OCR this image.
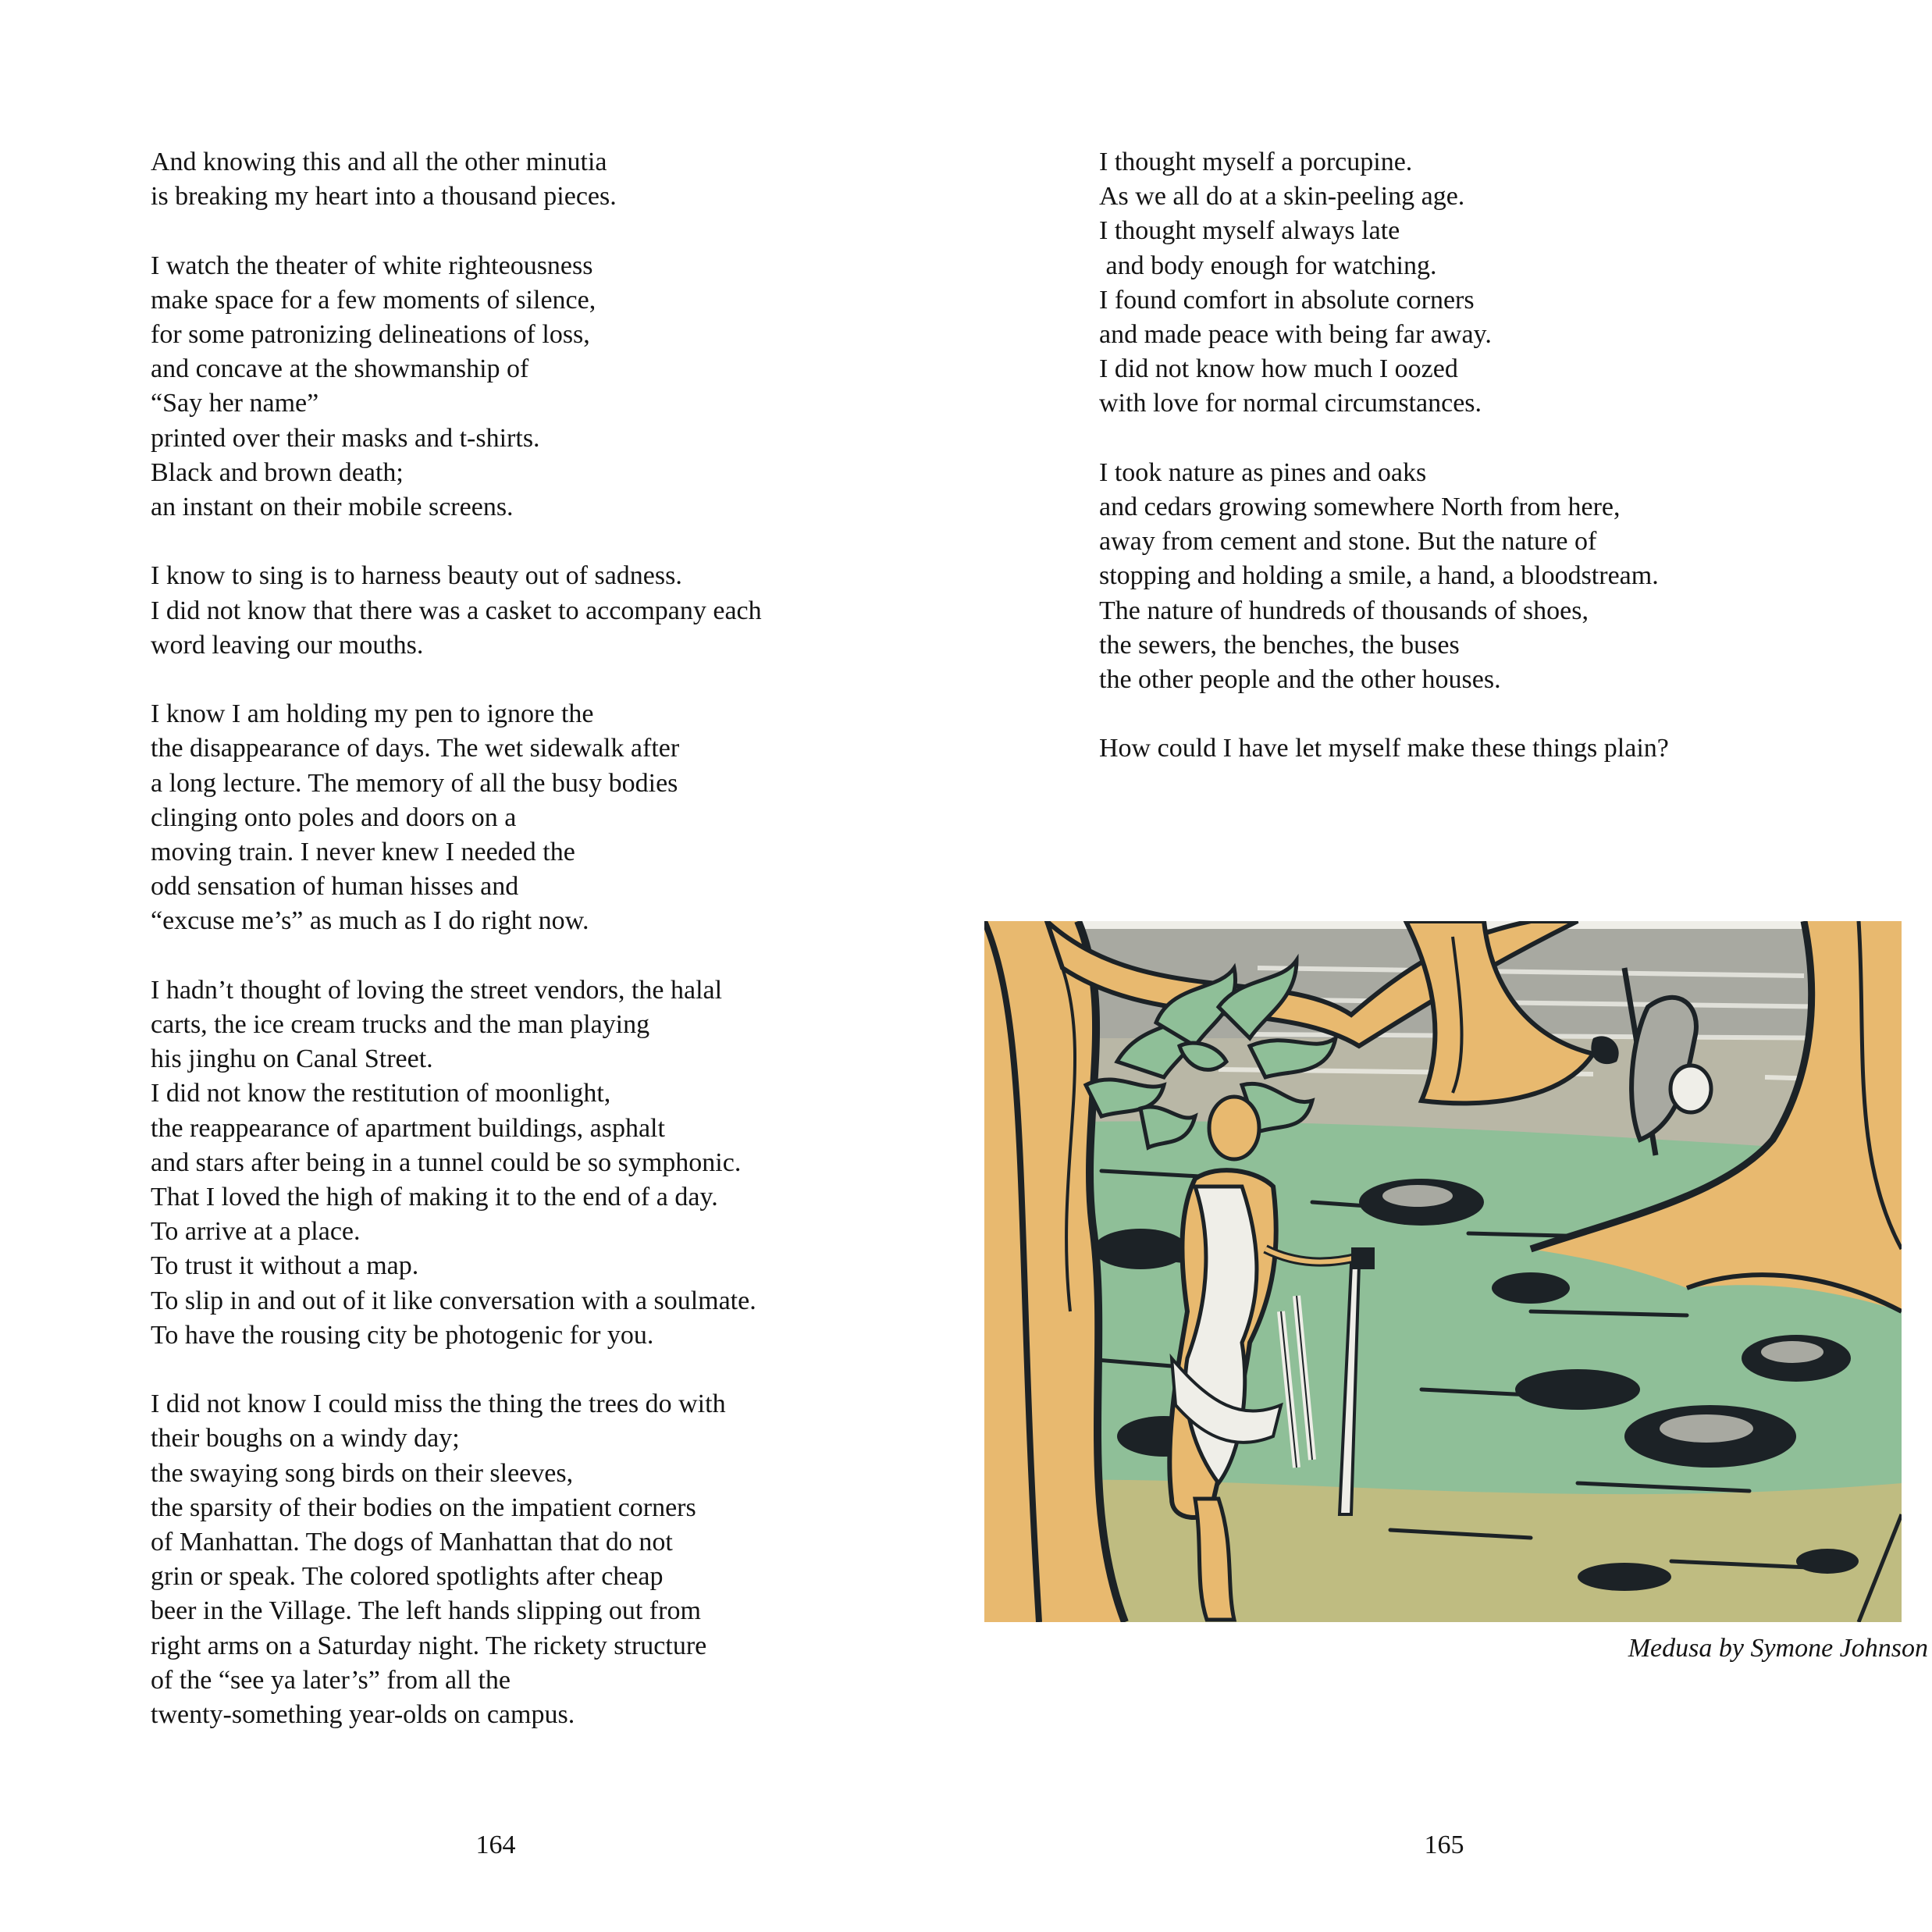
And knowing this and all the other minutia
is breaking my heart into a thousand pieces.
I watch the theater of white righteousness
make space for a few moments of silence,
for some patronizing delineations of loss,
and concave at the showmanship of
“Say her name”
printed over their masks and t-shirts.
Black and brown death;
an instant on their mobile screens.
I know to sing is to harness beauty out of sadness.
I did not know that there was a casket to accompany each
word leaving our mouths.
I know I am holding my pen to ignore the
the disappearance of days. The wet sidewalk after
a long lecture. The memory of all the busy bodies
clinging onto poles and doors on a
moving train. I never knew I needed the
odd sensation of human hisses and
“excuse me’s” as much as I do right now.
I hadn’t thought of loving the street vendors, the halal
carts, the ice cream trucks and the man playing
his jinghu on Canal Street.
I did not know the restitution of moonlight,
the reappearance of apartment buildings, asphalt
and stars after being in a tunnel could be so symphonic.
That I loved the high of making it to the end of a day.
To arrive at a place.
To trust it without a map.
To slip in and out of it like conversation with a soulmate.
To have the rousing city be photogenic for you.
I did not know I could miss the thing the trees do with
their boughs on a windy day;
the swaying song birds on their sleeves,
the sparsity of their bodies on the impatient corners
of Manhattan. The dogs of Manhattan that do not
grin or speak. The colored spotlights after cheap
beer in the Village. The left hands slipping out from
right arms on a Saturday night. The rickety structure
of the “see ya later’s” from all the
twenty-something year-olds on campus.
164
I thought myself a porcupine.
As we all do at a skin-peeling age.
I thought myself always late
and body enough for watching.
I found comfort in absolute corners
and made peace with being far away.
I did not know how much I oozed
with love for normal circumstances.
I took nature as pines and oaks
and cedars growing somewhere North from here,
away from cement and stone. But the nature of
stopping and holding a smile, a hand, a bloodstream.
The nature of hundreds of thousands of shoes,
the sewers, the benches, the buses
the other people and the other houses.
How could I have let myself make these things plain?
Medusa by Symone Johnson
165
